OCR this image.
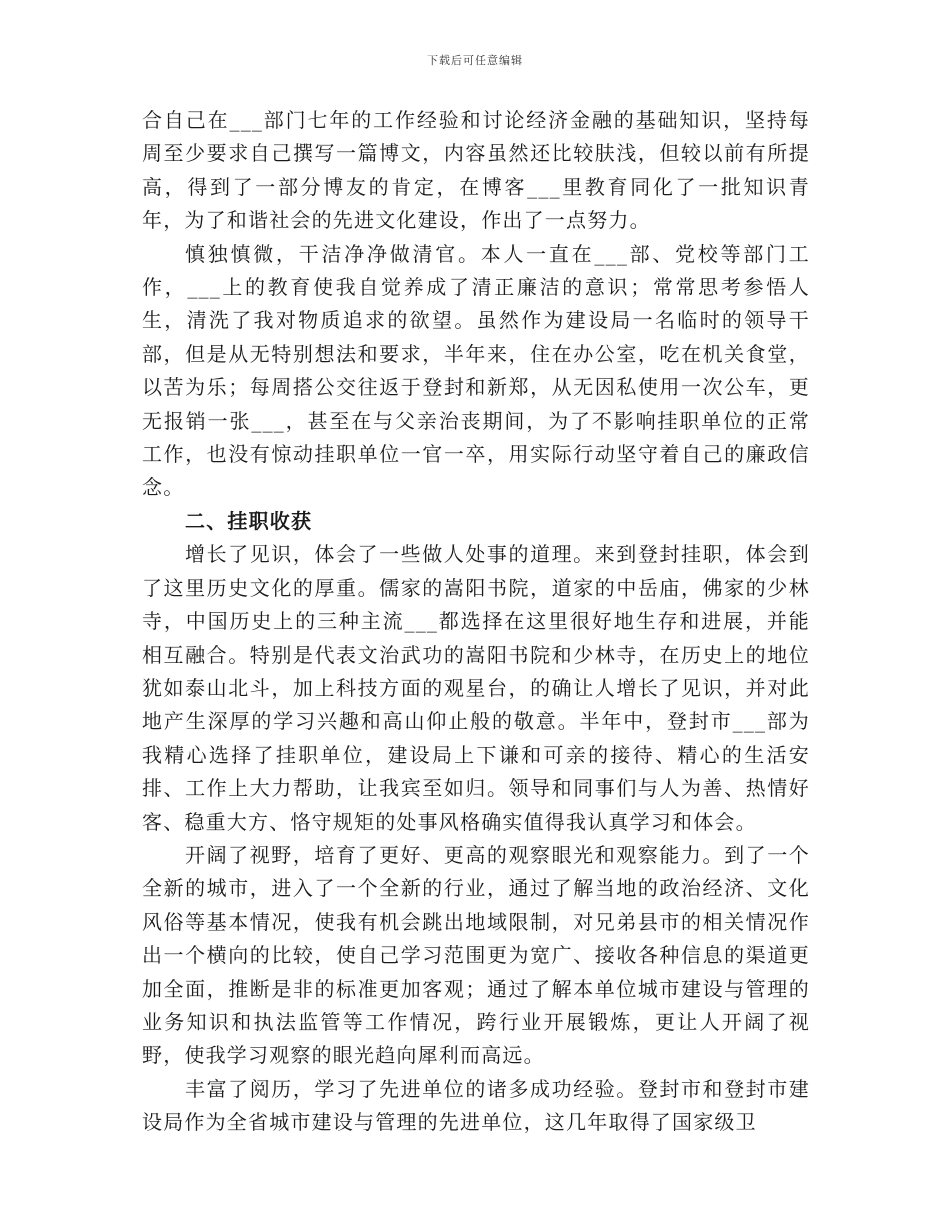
下载后可任意编辑

合自己在___部门七年的工作经验和讨论经济金融的基础知识，坚持每周至少要求自己撰写一篇博文，内容虽然还比较肤浅，但较以前有所提高，得到了一部分博友的肯定，在博客___里教育同化了一批知识青年，为了和谐社会的先进文化建设，作出了一点努力。

慎独慎微，干洁净净做清官。本人一直在___部、党校等部门工作，___上的教育使我自觉养成了清正廉洁的意识；常常思考参悟人生，清洗了我对物质追求的欲望。虽然作为建设局一名临时的领导干部，但是从无特别想法和要求，半年来，住在办公室，吃在机关食堂，以苦为乐；每周搭公交往返于登封和新郑，从无因私使用一次公车，更无报销一张___，甚至在与父亲治丧期间，为了不影响挂职单位的正常工作，也没有惊动挂职单位一官一卒，用实际行动坚守着自己的廉政信念。

二、挂职收获

增长了见识，体会了一些做人处事的道理。来到登封挂职，体会到了这里历史文化的厚重。儒家的嵩阳书院，道家的中岳庙，佛家的少林寺，中国历史上的三种主流___都选择在这里很好地生存和进展，并能相互融合。特别是代表文治武功的嵩阳书院和少林寺，在历史上的地位犹如泰山北斗，加上科技方面的观星台，的确让人增长了见识，并对此地产生深厚的学习兴趣和高山仰止般的敬意。半年中，登封市___部为我精心选择了挂职单位，建设局上下谦和可亲的接待、精心的生活安排、工作上大力帮助，让我宾至如归。领导和同事们与人为善、热情好客、稳重大方、恪守规矩的处事风格确实值得我认真学习和体会。

开阔了视野，培育了更好、更高的观察眼光和观察能力。到了一个全新的城市，进入了一个全新的行业，通过了解当地的政治经济、文化风俗等基本情况，使我有机会跳出地域限制，对兄弟县市的相关情况作出一个横向的比较，使自己学习范围更为宽广、接收各种信息的渠道更加全面，推断是非的标准更加客观；通过了解本单位城市建设与管理的业务知识和执法监管等工作情况，跨行业开展锻炼，更让人开阔了视野，使我学习观察的眼光趋向犀利而高远。

丰富了阅历，学习了先进单位的诸多成功经验。登封市和登封市建设局作为全省城市建设与管理的先进单位，这几年取得了国家级卫
